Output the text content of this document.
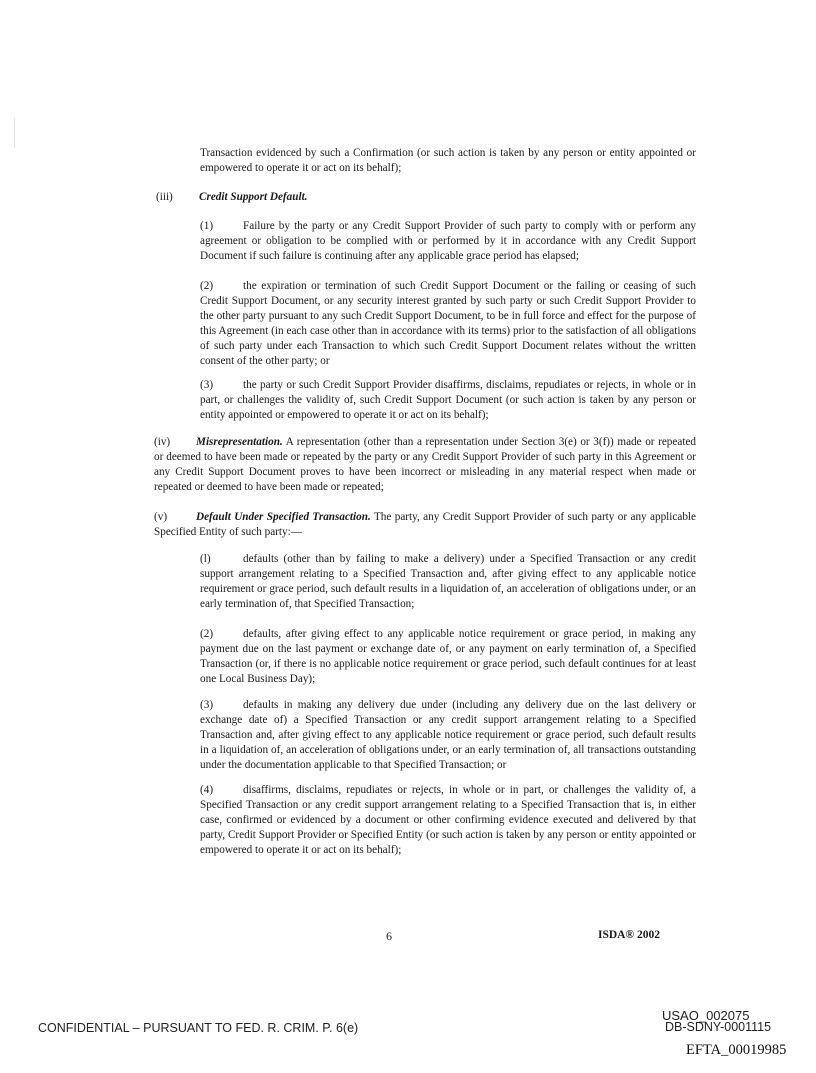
Transaction evidenced by such a Confirmation (or such action is taken by any person or entity appointed or empowered to operate it or act on its behalf);

(iii) Credit Support Default.

(1)	Failure by the party or any Credit Support Provider of such party to comply with or perform any agreement or obligation to be complied with or performed by it in accordance with any Credit Support Document if such failure is continuing after any applicable grace period has elapsed;

(2)	the expiration or termination of such Credit Support Document or the failing or ceasing of such Credit Support Document, or any security interest granted by such party or such Credit Support Provider to the other party pursuant to any such Credit Support Document, to be in full force and effect for the purpose of this Agreement (in each case other than in accordance with its terms) prior to the satisfaction of all obligations of such party under each Transaction to which such Credit Support Document relates without the written consent of the other party; or

(3)	the party or such Credit Support Provider disaffirms, disclaims, repudiates or rejects, in whole or in part, or challenges the validity of, such Credit Support Document (or such action is taken by any person or entity appointed or empowered to operate it or act on its behalf);

(iv) Misrepresentation. A representation (other than a representation under Section 3(e) or 3(f)) made or repeated or deemed to have been made or repeated by the party or any Credit Support Provider of such party in this Agreement or any Credit Support Document proves to have been incorrect or misleading in any material respect when made or repeated or deemed to have been made or repeated;

(v)	Default Under Specified Transaction. The party, any Credit Support Provider of such party or any applicable Specified Entity of such party:—

(l)	defaults (other than by failing to make a delivery) under a Specified Transaction or any credit support arrangement relating to a Specified Transaction and, after giving effect to any applicable notice requirement or grace period, such default results in a liquidation of, an acceleration of obligations under, or an early termination of, that Specified Transaction;

(2)	defaults, after giving effect to any applicable notice requirement or grace period, in making any payment due on the last payment or exchange date of, or any payment on early termination of, a Specified Transaction (or, if there is no applicable notice requirement or grace period, such default continues for at least one Local Business Day);

(3)	defaults in making any delivery due under (including any delivery due on the last delivery or exchange date of) a Specified Transaction or any credit support arrangement relating to a Specified Transaction and, after giving effect to any applicable notice requirement or grace period, such default results in a liquidation of, an acceleration of obligations under, or an early termination of, all transactions outstanding under the documentation applicable to that Specified Transaction; or

(4)	disaffirms, disclaims, repudiates or rejects, in whole or in part, or challenges the validity of, a Specified Transaction or any credit support arrangement relating to a Specified Transaction that is, in either case, confirmed or evidenced by a document or other confirming evidence executed and delivered by that party, Credit Support Provider or Specified Entity (or such action is taken by any person or entity appointed or empowered to operate it or act on its behalf);

6	ISDA® 2002
CONFIDENTIAL – PURSUANT TO FED. R. CRIM. P. 6(e)
USAO_002075
DB-SDNY-0001115
EFTA_00019985
